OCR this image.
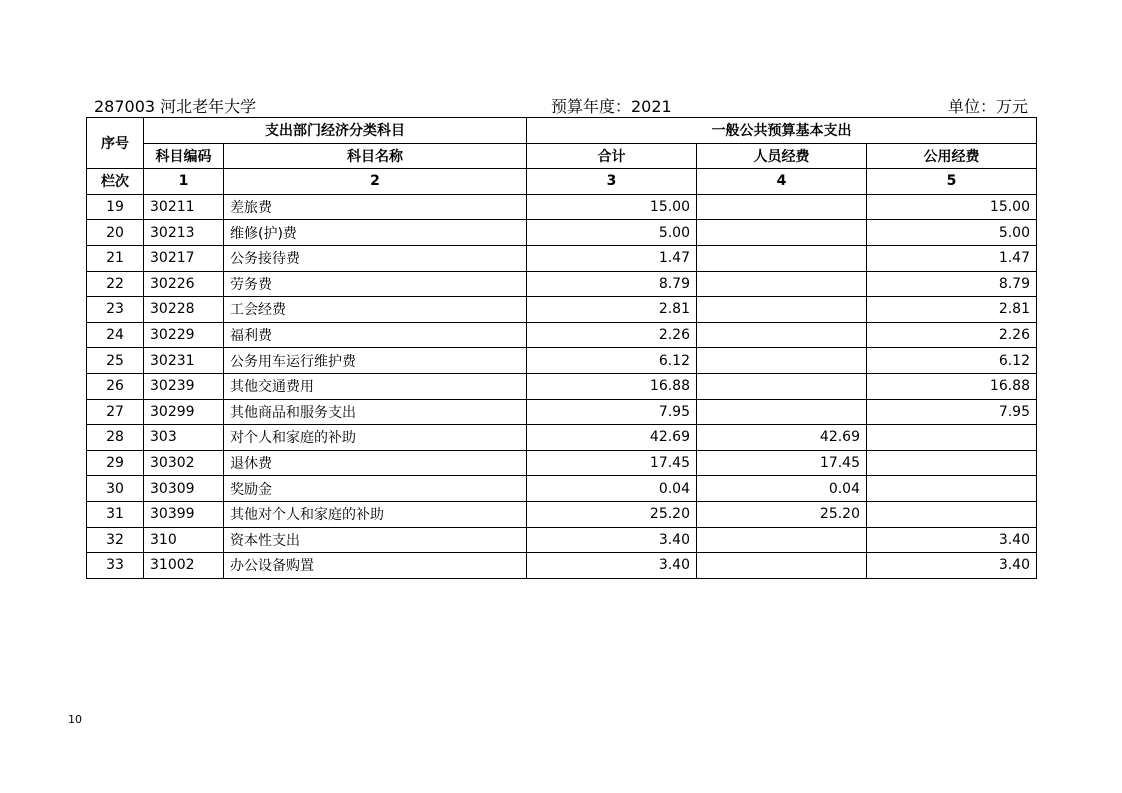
287003 河北老年大学	预算年度：2021	单位：万元
序号	支出部门经济分类科目		一般公共预算基本支出		
	科目编码	科目名称	合计	人员经费	公用经费
栏次	1	2	3	4	5
19	30211	差旅费	15.00		15.00
20	30213	维修(护)费	5.00		5.00
21	30217	公务接待费	1.47		1.47
22	30226	劳务费	8.79		8.79
23	30228	工会经费	2.81		2.81
24	30229	福利费	2.26		2.26
25	30231	公务用车运行维护费	6.12		6.12
26	30239	其他交通费用	16.88		16.88
27	30299	其他商品和服务支出	7.95		7.95
28	303	对个人和家庭的补助	42.69	42.69	
29	30302	退休费	17.45	17.45	
30	30309	奖励金	0.04	0.04	
31	30399	其他对个人和家庭的补助	25.20	25.20	
32	310	资本性支出	3.40		3.40
33	31002	办公设备购置	3.40		3.40
10
